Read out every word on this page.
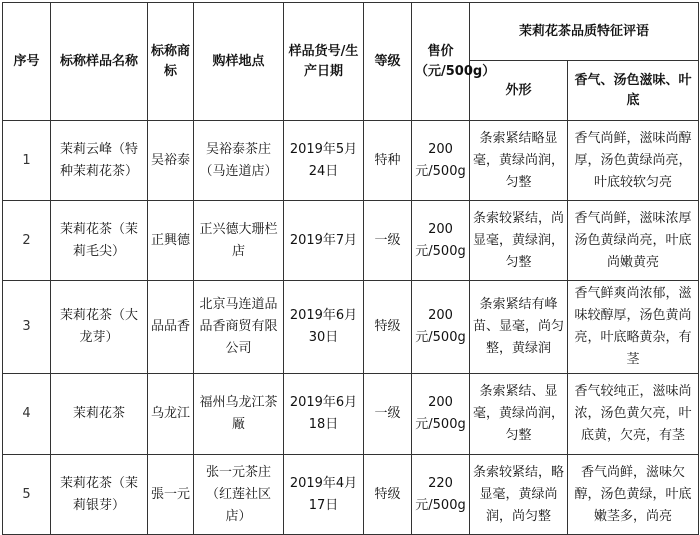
序号	标称样品名称	标称商标	购样地点	样品货号/生产日期	等级	售价（元/500g）	茉莉花茶品质特征评语	
							外形	香气、汤色滋味、叶底
1	茉莉云峰（特种茉莉花茶）	吴裕泰	吴裕泰茶庄（马连道店）	2019年5月24日	特种	200元/500g	条索紧结略显毫，黄绿尚润，匀整	香气尚鲜，滋味尚醇厚，汤色黄绿尚亮，叶底较软匀亮
2	茉莉花茶（茉莉毛尖）	正興德	正兴德大珊栏店	2019年7月	一级	200元/500g	条索较紧结，尚显毫，黄绿润，匀整	香气尚鲜，滋味浓厚汤色黄绿尚亮，叶底尚嫩黄亮
3	茉莉花茶（大龙芽）	品品香	北京马连道品品香商贸有限公司	2019年6月30日	特级	200元/500g	条索紧结有峰苗、显毫，尚匀整，黄绿润	香气鲜爽尚浓郁，滋味较醇厚，汤色黄尚亮，叶底略黄杂，有茎
4	茉莉花茶	乌龙江	福州乌龙江茶厰	2019年6月18日	一级	200元/500g	条索紧结、显毫，黄绿尚润，匀整	香气较纯正，滋味尚浓，汤色黄欠亮，叶底黄，欠亮，有茎
5	茉莉花茶（茉莉银芽）	張一元	张一元茶庄（红莲社区店）	2019年4月17日	特级	220元/500g	条索较紧结，略显毫，黄绿尚润，尚匀整	香气尚鲜，滋味欠醇，汤色黄绿，叶底嫩茎多，尚亮
